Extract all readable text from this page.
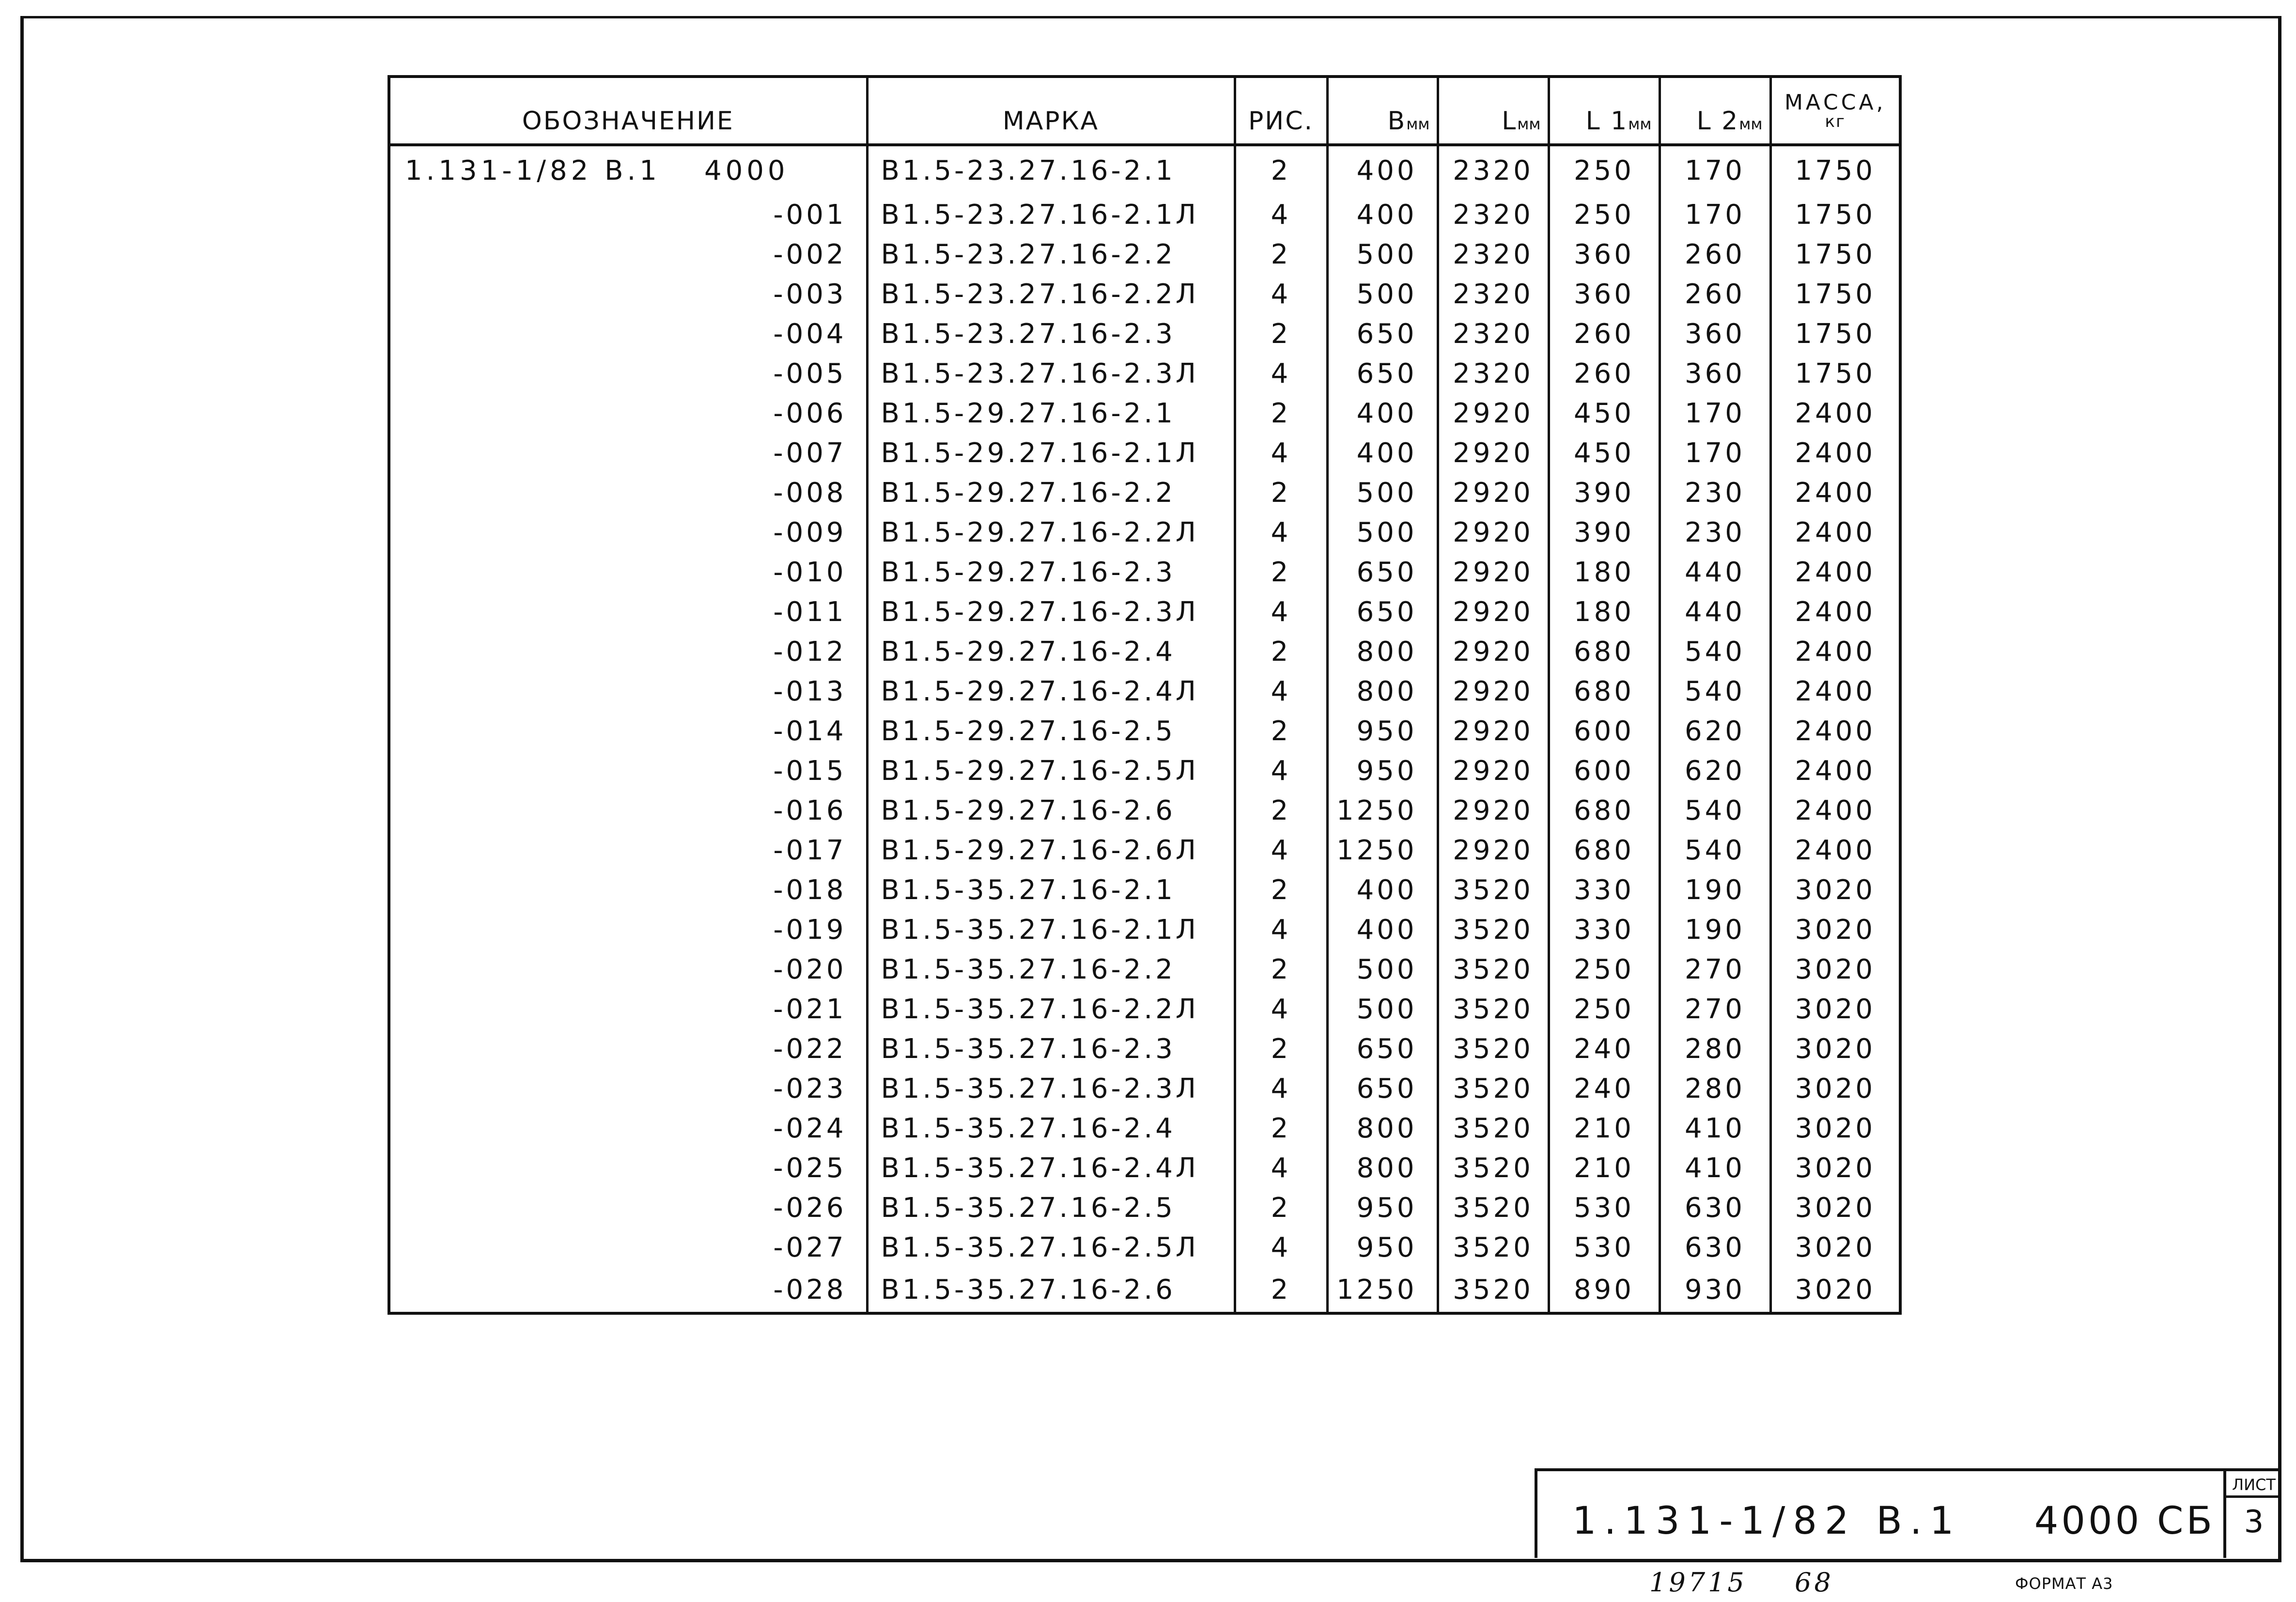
ОБОЗНАЧЕНИЕ	МАРКА	РИС.	Вмм	Lмм	L 1мм	L 2мм	МАССА,
кг

1.131-1/82 В.1 4000	В1.5-23.27.16-2.1	2	400	2320	250	170	1750
-001	В1.5-23.27.16-2.1Л	4	400	2320	250	170	1750
-002	В1.5-23.27.16-2.2	2	500	2320	360	260	1750
-003	В1.5-23.27.16-2.2Л	4	500	2320	360	260	1750
-004	В1.5-23.27.16-2.3	2	650	2320	260	360	1750
-005	В1.5-23.27.16-2.3Л	4	650	2320	260	360	1750
-006	В1.5-29.27.16-2.1	2	400	2920	450	170	2400
-007	В1.5-29.27.16-2.1Л	4	400	2920	450	170	2400
-008	В1.5-29.27.16-2.2	2	500	2920	390	230	2400
-009	В1.5-29.27.16-2.2Л	4	500	2920	390	230	2400
-010	В1.5-29.27.16-2.3	2	650	2920	180	440	2400
-011	В1.5-29.27.16-2.3Л	4	650	2920	180	440	2400
-012	В1.5-29.27.16-2.4	2	800	2920	680	540	2400
-013	В1.5-29.27.16-2.4Л	4	800	2920	680	540	2400
-014	В1.5-29.27.16-2.5	2	950	2920	600	620	2400
-015	В1.5-29.27.16-2.5Л	4	950	2920	600	620	2400
-016	В1.5-29.27.16-2.6	2	1250	2920	680	540	2400
-017	В1.5-29.27.16-2.6Л	4	1250	2920	680	540	2400
-018	В1.5-35.27.16-2.1	2	400	3520	330	190	3020
-019	В1.5-35.27.16-2.1Л	4	400	3520	330	190	3020
-020	В1.5-35.27.16-2.2	2	500	3520	250	270	3020
-021	В1.5-35.27.16-2.2Л	4	500	3520	250	270	3020
-022	В1.5-35.27.16-2.3	2	650	3520	240	280	3020
-023	В1.5-35.27.16-2.3Л	4	650	3520	240	280	3020
-024	В1.5-35.27.16-2.4	2	800	3520	210	410	3020
-025	В1.5-35.27.16-2.4Л	4	800	3520	210	410	3020
-026	В1.5-35.27.16-2.5	2	950	3520	530	630	3020
-027	В1.5-35.27.16-2.5Л	4	950	3520	530	630	3020
-028	В1.5-35.27.16-2.6	2	1250	3520	890	930	3020
1.131-1/82 В.1 4000 СБ
ЛИСТ
3
19715 68	ФОРМАТ А3
